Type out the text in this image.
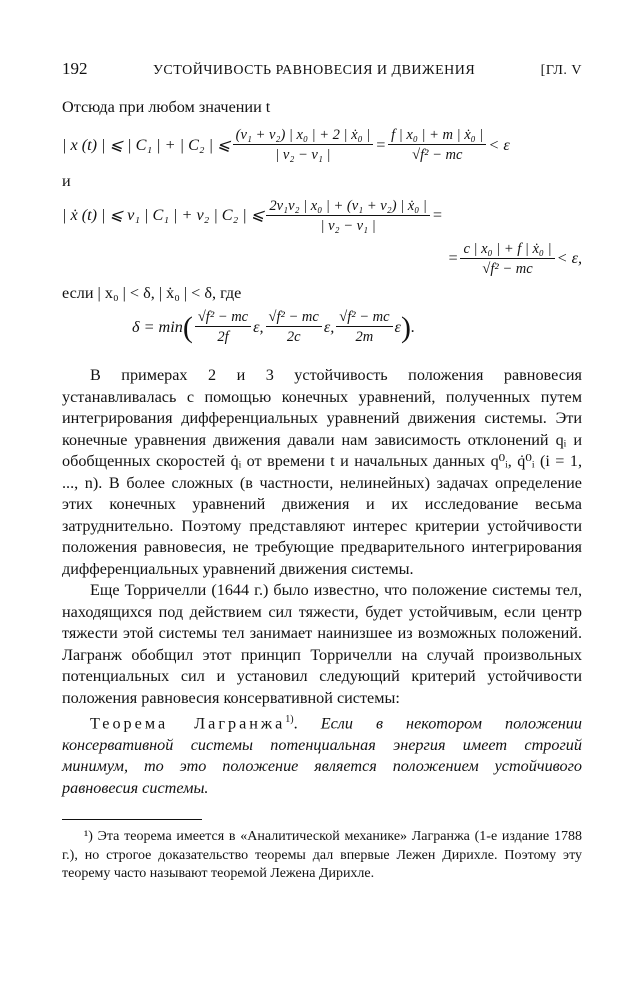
192	УСТОЙЧИВОСТЬ РАВНОВЕСИЯ И ДВИЖЕНИЯ	[ГЛ. V
Отсюда при любом значении t
| x (t) | ⩽ | C₁ | + | C₂ | ⩽ $\frac{\text{(ν₁ + ν₂) | x₀ | + 2 | ẋ₀ |}}{\text{| ν₂ − ν₁ |}} = \frac{\text{f | x₀ | + m | ẋ₀ |}}{\text{√f² − mc}} < \varepsilon$
и
| ẋ (t) | ⩽ ν₁ | C₁ | + ν₂ | C₂ | ⩽ $\frac{\text{2ν₁ν₂ | x₀ | + (ν₁ + ν₂) | ẋ₀ |}}{\text{| ν₂ − ν₁ |}}$ =
= $\frac{\text{c | x₀ | + f | ẋ₀ |}}{\text{√f² − mc}} < \varepsilon$,
если | x₀ | < δ, | ẋ₀ | < δ, где
δ = min ( $\frac{\text{√f² − mc}}{2f} \varepsilon$, $\frac{\text{√f² − mc}}{2c} \varepsilon$, $\frac{\text{√f² − mc}}{2m}$ ε ) .

В примерах 2 и 3 устойчивость положения равновесия устанавливалась с помощью конечных уравнений, полученных путем интегрирования дифференциальных уравнений движения системы. Эти конечные уравнения движения давали нам зависимость отклонений qᵢ и обобщенных скоростей q̇ᵢ от времени t и начальных данных q⁰ᵢ, q̇⁰ᵢ (i = 1, ..., n). В более сложных (в частности, нелинейных) задачах определение этих конечных уравнений движения и их исследование весьма затруднительно. Поэтому представляют интерес критерии устойчивости положения равновесия, не требующие предварительного интегрирования дифференциальных уравнений движения системы.

Еще Торричелли (1644 г.) было известно, что положение системы тел, находящихся под действием сил тяжести, будет устойчивым, если центр тяжести этой системы тел занимает наинизшее из возможных положений. Лагранж обобщил этот принцип Торричелли на случай произвольных потенциальных сил и установил следующий критерий устойчивости положения равновесия консервативной системы:

Теорема Лагранжа$^{1)}$. Если в некотором положении консервативной системы потенциальная энергия имеет строгий минимум, то это положение является положением устойчивого равновесия системы.

¹) Эта теорема имеется в «Аналитической механике» Лагранжа (1-е издание 1788 г.), но строгое доказательство теоремы дал впервые Лежен Дирихле. Поэтому эту теорему часто называют теоремой Лежена Дирихле.
